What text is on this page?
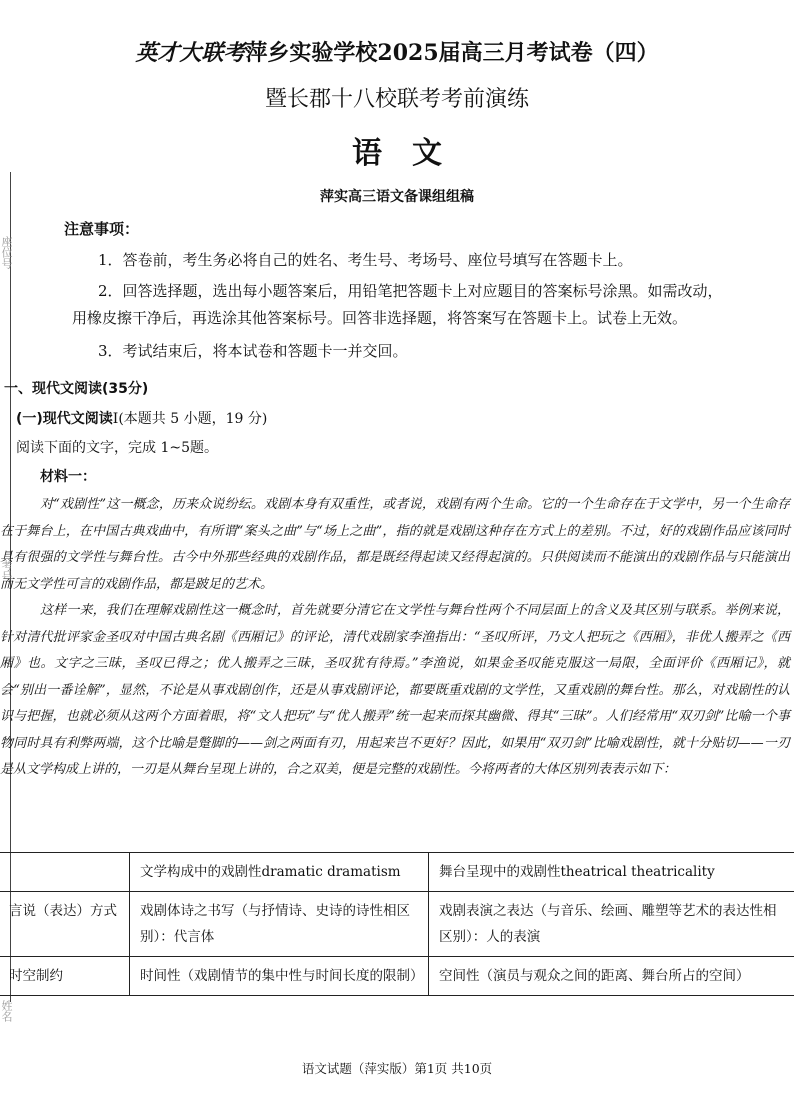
座位号
考号
姓名
英才大联考萍乡实验学校2025届高三月考试卷（四）
暨长郡十八校联考考前演练
语文
萍实高三语文备课组组稿
注意事项：
1．答卷前，考生务必将自己的姓名、考生号、考场号、座位号填写在答题卡上。
2．回答选择题，选出每小题答案后，用铅笔把答题卡上对应题目的答案标号涂黑。如需改动，
用橡皮擦干净后，再选涂其他答案标号。回答非选择题，将答案写在答题卡上。试卷上无效。
3．考试结束后，将本试卷和答题卡一并交回。
一、现代文阅读(35分)
(一)现代文阅读Ⅰ(本题共 5 小题，19 分)
阅读下面的文字，完成 1~5题。
材料一：

对“戏剧性”这一概念，历来众说纷纭。戏剧本身有双重性，或者说，戏剧有两个生命。它的一个生命存在于文学中，另一个生命存在于舞台上，在中国古典戏曲中，有所谓“案头之曲”与“场上之曲”，指的就是戏剧这种存在方式上的差别。不过，好的戏剧作品应该同时具有很强的文学性与舞台性。古今中外那些经典的戏剧作品，都是既经得起读又经得起演的。只供阅读而不能演出的戏剧作品与只能演出而无文学性可言的戏剧作品，都是跛足的艺术。

这样一来，我们在理解戏剧性这一概念时，首先就要分清它在文学性与舞台性两个不同层面上的含义及其区别与联系。举例来说，针对清代批评家金圣叹对中国古典名剧《西厢记》的评论，清代戏剧家李渔指出：“圣叹所评，乃文人把玩之《西厢》，非优人搬弄之《西厢》也。文字之三昧，圣叹已得之；优人搬弄之三昧，圣叹犹有待焉。”李渔说，如果金圣叹能克服这一局限，全面评价《西厢记》，就会“别出一番诠解”，显然，不论是从事戏剧创作，还是从事戏剧评论，都要既重戏剧的文学性，又重戏剧的舞台性。那么，对戏剧性的认识与把握，也就必须从这两个方面着眼，将“文人把玩”与“优人搬弄”统一起来而探其幽微、得其“三昧”。人们经常用“双刃剑”比喻一个事物同时具有利弊两端，这个比喻是蹩脚的——剑之两面有刃，用起来岂不更好？因此，如果用“双刃剑”比喻戏剧性，就十分贴切——一刃是从文学构成上讲的，一刃是从舞台呈现上讲的，合之双美，便是完整的戏剧性。今将两者的大体区别列表表示如下：

	文学构成中的戏剧性dramatic dramatism	舞台呈现中的戏剧性theatrical theatricality
言说（表达）方式	戏剧体诗之书写（与抒情诗、史诗的诗性相区别）：代言体	戏剧表演之表达（与音乐、绘画、雕塑等艺术的表达性相区别）：人的表演
时空制约	时间性（戏剧情节的集中性与时间长度的限制）	空间性（演员与观众之间的距离、舞台所占的空间）
语文试题（萍实版）第1页 共10页
